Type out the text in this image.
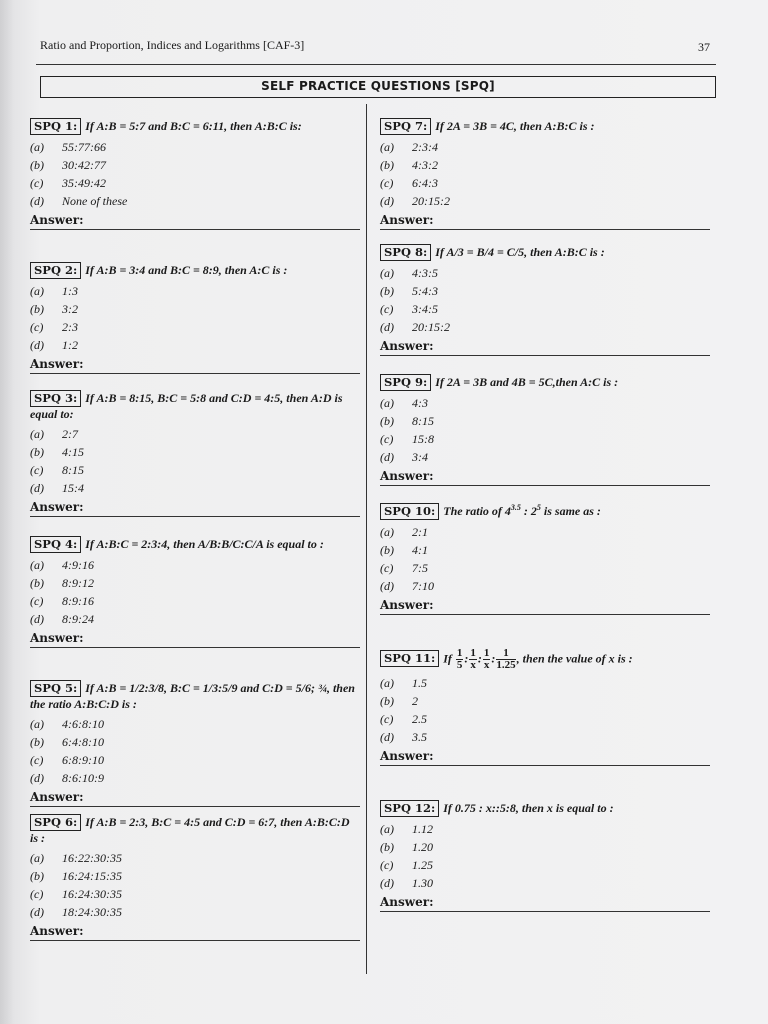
Ratio and Proportion, Indices and Logarithms [CAF-3]	37
SELF PRACTICE QUESTIONS [SPQ]
SPQ 1: If A:B = 5:7 and B:C = 6:11, then A:B:C is:
(a) 55:77:66
(b) 30:42:77
(c) 35:49:42
(d) None of these
Answer:
SPQ 2: If A:B = 3:4 and B:C = 8:9, then A:C is :
(a) 1:3
(b) 3:2
(c) 2:3
(d) 1:2
Answer:
SPQ 3: If A:B = 8:15, B:C = 5:8 and C:D = 4:5, then A:D is equal to:
(a) 2:7
(b) 4:15
(c) 8:15
(d) 15:4
Answer:
SPQ 4: If A:B:C = 2:3:4, then A/B:B/C:C/A is equal to :
(a) 4:9:16
(b) 8:9:12
(c) 8:9:16
(d) 8:9:24
Answer:
SPQ 5: If A:B = 1/2:3/8, B:C = 1/3:5/9 and C:D = 5/6; ¾, then the ratio A:B:C:D is :
(a) 4:6:8:10
(b) 6:4:8:10
(c) 6:8:9:10
(d) 8:6:10:9
Answer:
SPQ 6: If A:B = 2:3, B:C = 4:5 and C:D = 6:7, then A:B:C:D is :
(a) 16:22:30:35
(b) 16:24:15:35
(c) 16:24:30:35
(d) 18:24:30:35
Answer:
SPQ 7: If 2A = 3B = 4C, then A:B:C is :
(a) 2:3:4
(b) 4:3:2
(c) 6:4:3
(d) 20:15:2
Answer:
SPQ 8: If A/3 = B/4 = C/5, then A:B:C is :
(a) 4:3:5
(b) 5:4:3
(c) 3:4:5
(d) 20:15:2
Answer:
SPQ 9: If 2A = 3B and 4B = 5C,then A:C is :
(a) 4:3
(b) 8:15
(c) 15:8
(d) 3:4
Answer:
SPQ 10: The ratio of $4^{3.5}$ : $2^5$ is same as :
(a) 2:1
(b) 4:1
(c) 7:5
(d) 7:10
Answer:
SPQ 11: If $\frac{1}{5}$ : $\frac{1}{x}$ : $\frac{1}{x}$ : $\frac{1}{1.25}$ , then the value of x is :
(a) 1.5
(b) 2
(c) 2.5
(d) 3.5
Answer:
SPQ 12: If 0.75 : x::5:8, then x is equal to :
(a) 1.12
(b) 1.20
(c) 1.25
(d) 1.30
Answer:
